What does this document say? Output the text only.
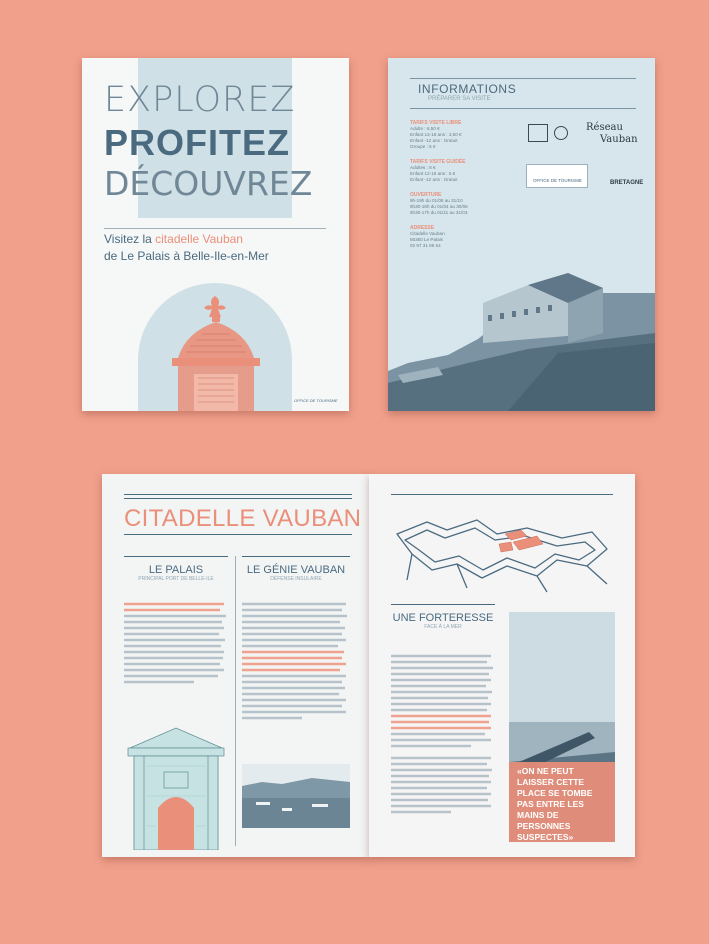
EXPLOREZ
PROFITEZ
DÉCOUVREZ
Visitez la citadelle Vauban
de Le Palais à Belle-Ile-en-Mer
OFFICE DE TOURISME
INFORMATIONS
PRÉPARER SA VISITE
TARIFS VISITE LIBRE
Adulte : 6,50 €
Enfant 12-16 ans : 3,50 €
Enfant -12 ans : Gratuit
Groupe : 5 €
TARIFS VISITE GUIDÉE
Adultes : 8 €
Enfant 12-16 ans : 5 €
Enfant -12 ans : Gratuit
OUVERTURE
9h-19h du 01/08 au 31/10
9h30-18h du 01/04 au 30/06
9h30-17h du 01/11 au 31/03
ADRESSE
Citadelle Vauban
56360 Le Palais
02 97 31 85 54
Réseau
Vauban
OFFICE DE TOURISME	BRETAGNE
CITADELLE VAUBAN
LE PALAIS
PRINCIPAL PORT DE BELLE-ILE
LE GÉNIE VAUBAN
DÉFENSE INSULAIRE
UNE FORTERESSE
FACE À LA MER
«ON NE PEUT LAISSER CETTE PLACE SE TOMBE PAS ENTRE LES MAINS DE PERSONNES SUSPECTES»
